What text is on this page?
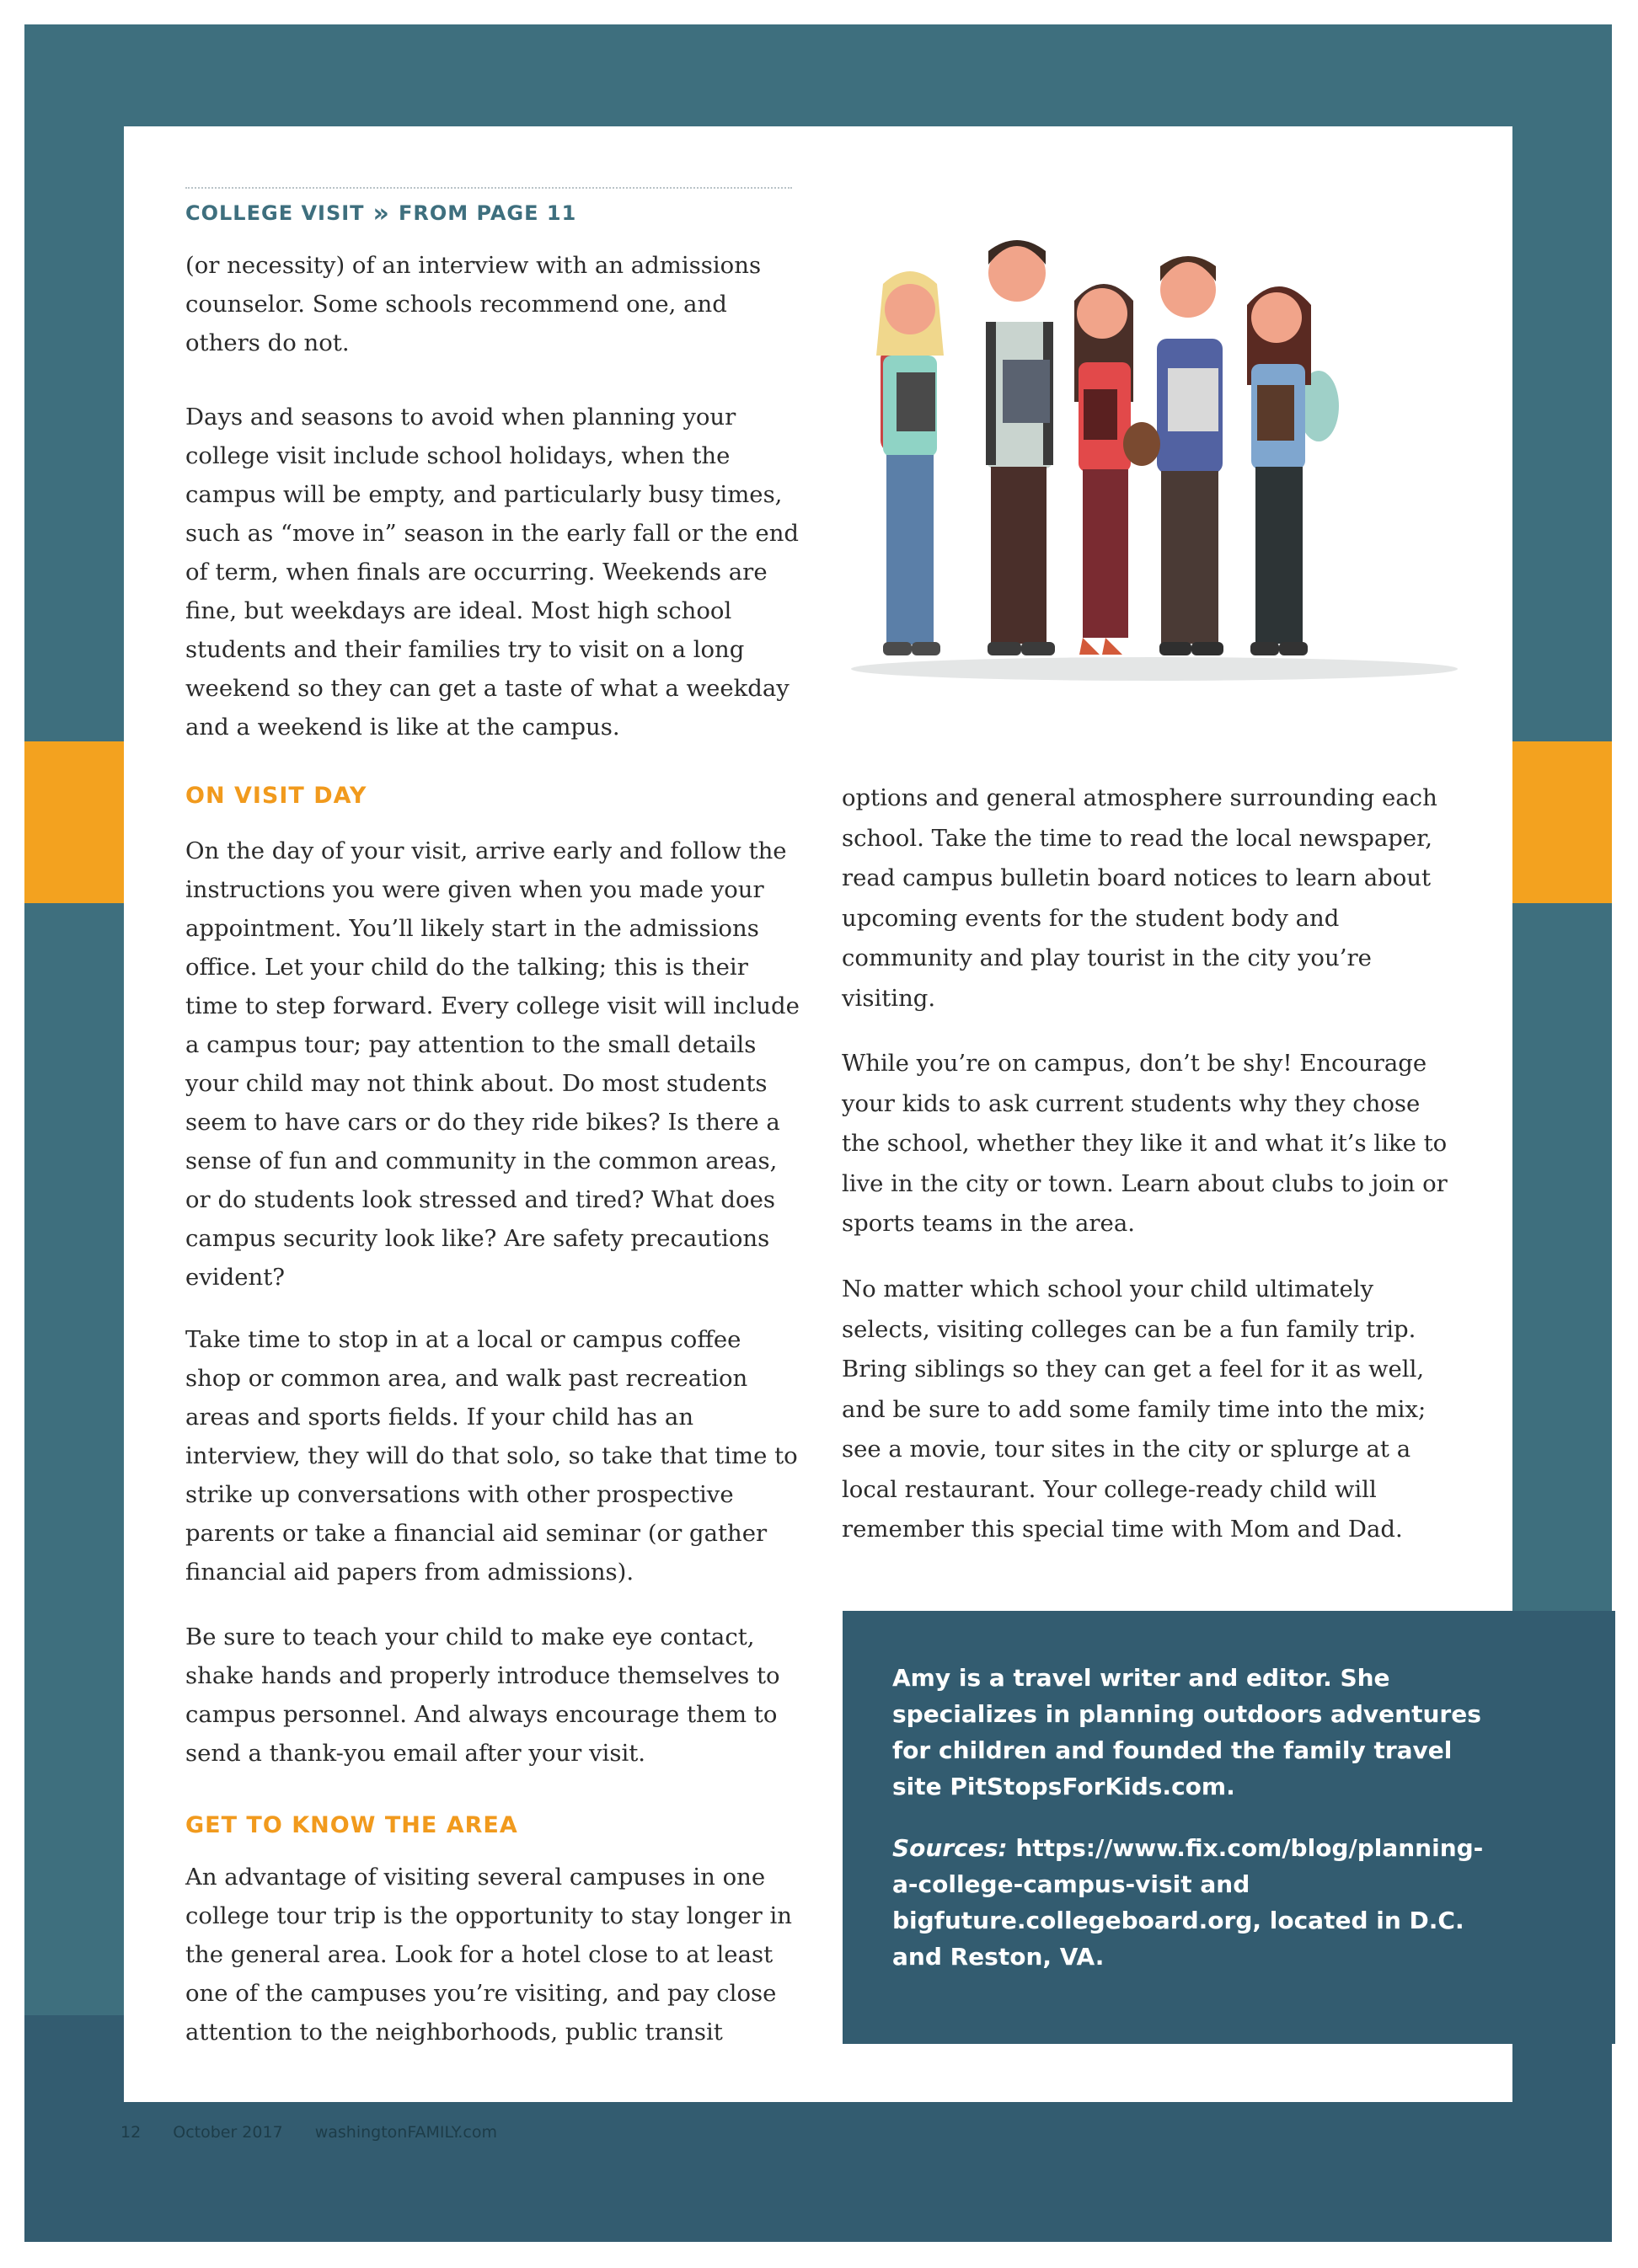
COLLEGE VISIT » FROM PAGE 11

(or necessity) of an interview with an admissions counselor. Some schools recommend one, and others do not.

Days and seasons to avoid when planning your college visit include school holidays, when the campus will be empty, and particularly busy times, such as “move in” season in the early fall or the end of term, when finals are occurring. Weekends are fine, but weekdays are ideal. Most high school students and their families try to visit on a long weekend so they can get a taste of what a weekday and a weekend is like at the campus.

ON VISIT DAY

On the day of your visit, arrive early and follow the instructions you were given when you made your appointment. You’ll likely start in the admissions office. Let your child do the talking; this is their time to step forward. Every college visit will include a campus tour; pay attention to the small details your child may not think about. Do most students seem to have cars or do they ride bikes? Is there a sense of fun and community in the common areas, or do students look stressed and tired? What does campus security look like? Are safety precautions evident?

Take time to stop in at a local or campus coffee shop or common area, and walk past recreation areas and sports fields. If your child has an interview, they will do that solo, so take that time to strike up conversations with other prospective parents or take a financial aid seminar (or gather financial aid papers from admissions).

Be sure to teach your child to make eye contact, shake hands and properly introduce themselves to campus personnel. And always encourage them to send a thank-you email after your visit.

GET TO KNOW THE AREA

An advantage of visiting several campuses in one college tour trip is the opportunity to stay longer in the general area. Look for a hotel close to at least one of the campuses you’re visiting, and pay close attention to the neighborhoods, public transit

options and general atmosphere surrounding each school. Take the time to read the local newspaper, read campus bulletin board notices to learn about upcoming events for the student body and community and play tourist in the city you’re visiting.

While you’re on campus, don’t be shy! Encourage your kids to ask current students why they chose the school, whether they like it and what it’s like to live in the city or town. Learn about clubs to join or sports teams in the area.

No matter which school your child ultimately selects, visiting colleges can be a fun family trip. Bring siblings so they can get a feel for it as well, and be sure to add some family time into the mix; see a movie, tour sites in the city or splurge at a local restaurant. Your college-ready child will remember this special time with Mom and Dad.

Amy is a travel writer and editor. She specializes in planning outdoors adventures for children and founded the family travel site PitStopsForKids.com.

Sources: https://www.fix.com/blog/planning-a-college-campus-visit and bigfuture.collegeboard.org, located in D.C. and Reston, VA.

12 October 2017 washingtonFAMILY.com
